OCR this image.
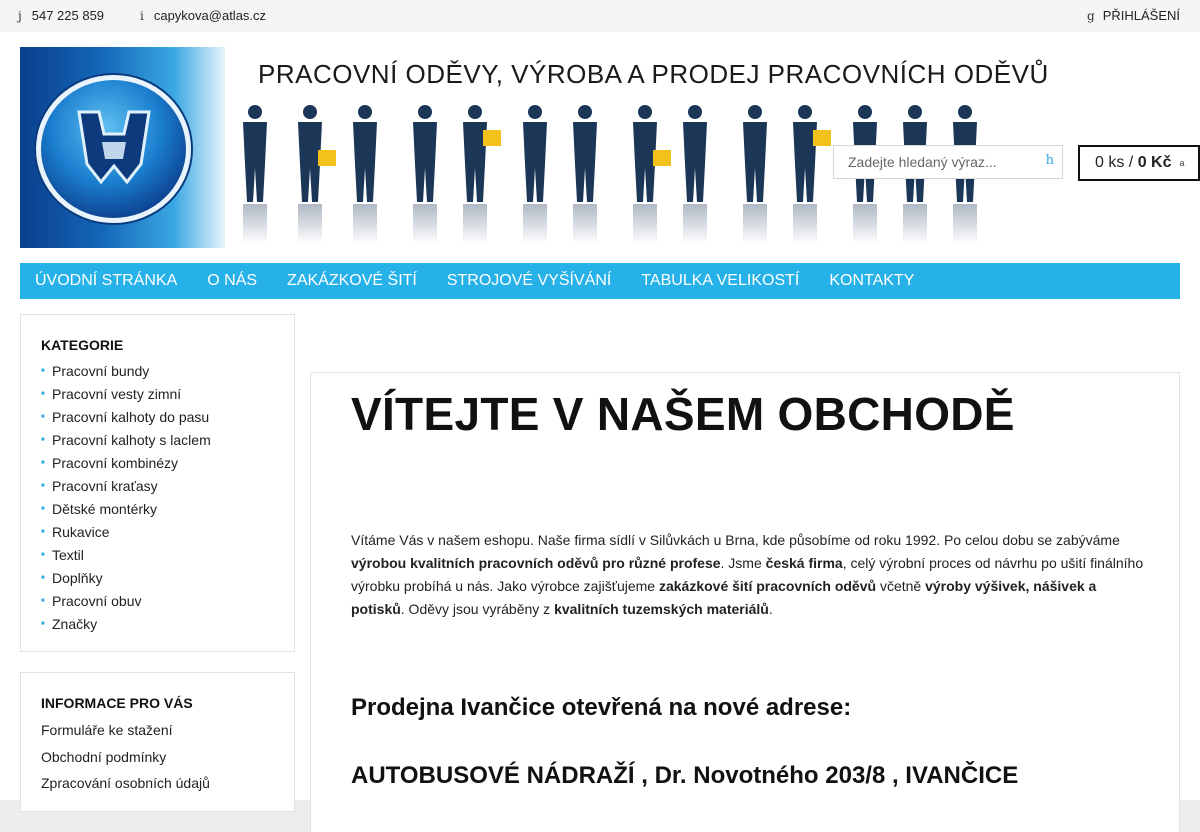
j 547 225 859	i capykova@atlas.cz	g PŘIHLÁŠENÍ
PRACOVNÍ ODĚVY, VÝROBA A PRODEJ PRACOVNÍCH ODĚVŮ
Zadejte hledaný výraz...
h	0 ks / 0 Kč a
ÚVODNÍ STRÁNKA O NÁS ZAKÁZKOVÉ ŠITÍ STROJOVÉ VYŠÍVÁNÍ TABULKA VELIKOSTÍ KONTAKTY
KATEGORIE
■ Pracovní bundy
■ Pracovní vesty zimní
■ Pracovní kalhoty do pasu
■ Pracovní kalhoty s laclem
■ Pracovní kombinézy
■ Pracovní kraťasy
■ Dětské montérky
■ Rukavice
■ Textil
■ Doplňky
■ Pracovní obuv
■ Značky
INFORMACE PRO VÁS
Formuláře ke stažení
Obchodní podmínky
Zpracování osobních údajů
VÍTEJTE V NAŠEM OBCHODĚ

Vítáme Vás v našem eshopu. Naše firma sídlí v Silůvkách u Brna, kde působíme od roku 1992. Po celou dobu se zabýváme výrobou kvalitních pracovních oděvů pro různé profese. Jsme česká firma, celý výrobní proces od návrhu po ušití finálního výrobku probíhá u nás. Jako výrobce zajišťujeme zakázkové šití pracovních oděvů včetně výroby výšivek, nášivek a potisků. Oděvy jsou vyráběny z kvalitních tuzemských materiálů.

Prodejna Ivančice otevřená na nové adrese:
AUTOBUSOVÉ NÁDRAŽÍ , Dr. Novotného 203/8 , IVANČICE
